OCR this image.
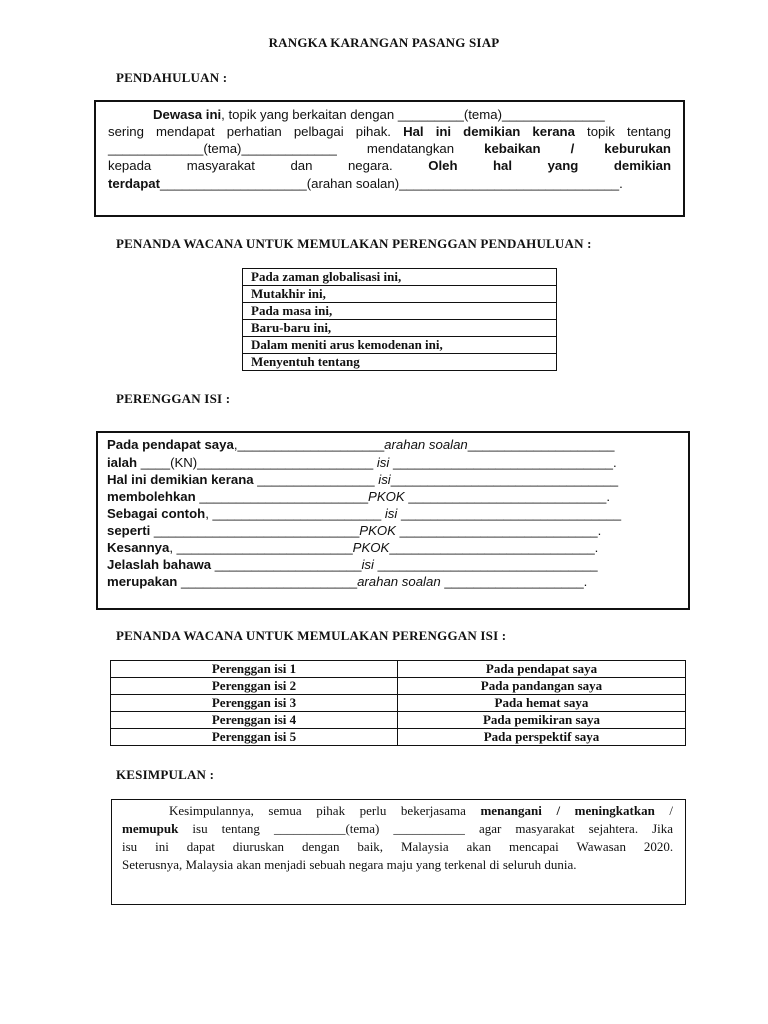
RANGKA KARANGAN PASANG SIAP
PENDAHULUAN :
Dewasa ini, topik yang berkaitan dengan _________(tema)______________
sering mendapat perhatian pelbagai pihak. Hal ini demikian kerana topik tentang
_____________(tema)_____________ mendatangkan kebaikan / keburukan
kepada	masyarakat	dan	negara.	Oleh	hal	yang	demikian
terdapat____________________(arahan soalan)______________________________.
PENANDA WACANA UNTUK MEMULAKAN PERENGGAN PENDAHULUAN :
Pada zaman globalisasi ini,
Mutakhir ini,
Pada masa ini,
Baru-baru ini,
Dalam meniti arus kemodenan ini,
Menyentuh tentang
PERENGGAN ISI :
Pada pendapat saya,____________________arahan soalan____________________
ialah ____(KN)________________________ isi ______________________________.
Hal ini demikian kerana ________________ isi_______________________________
membolehkan _______________________PKOK ___________________________.
Sebagai contoh, _______________________ isi ______________________________
seperti ____________________________PKOK ___________________________.
Kesannya, ________________________PKOK____________________________.
Jelaslah bahawa ____________________isi ______________________________
merupakan ________________________arahan soalan ___________________.
PENANDA WACANA UNTUK MEMULAKAN PERENGGAN ISI :
Perenggan isi 1	Pada pendapat saya
Perenggan isi 2	Pada pandangan saya
Perenggan isi 3	Pada hemat saya
Perenggan isi 4	Pada pemikiran saya
Perenggan isi 5	Pada perspektif saya
KESIMPULAN :
Kesimpulannya, semua pihak perlu bekerjasama menangani / meningkatkan /
memupuk isu tentang ___________(tema) ___________ agar masyarakat sejahtera. Jika
isu ini dapat diuruskan dengan baik, Malaysia akan mencapai Wawasan 2020.
Seterusnya, Malaysia akan menjadi sebuah negara maju yang terkenal di seluruh dunia.
